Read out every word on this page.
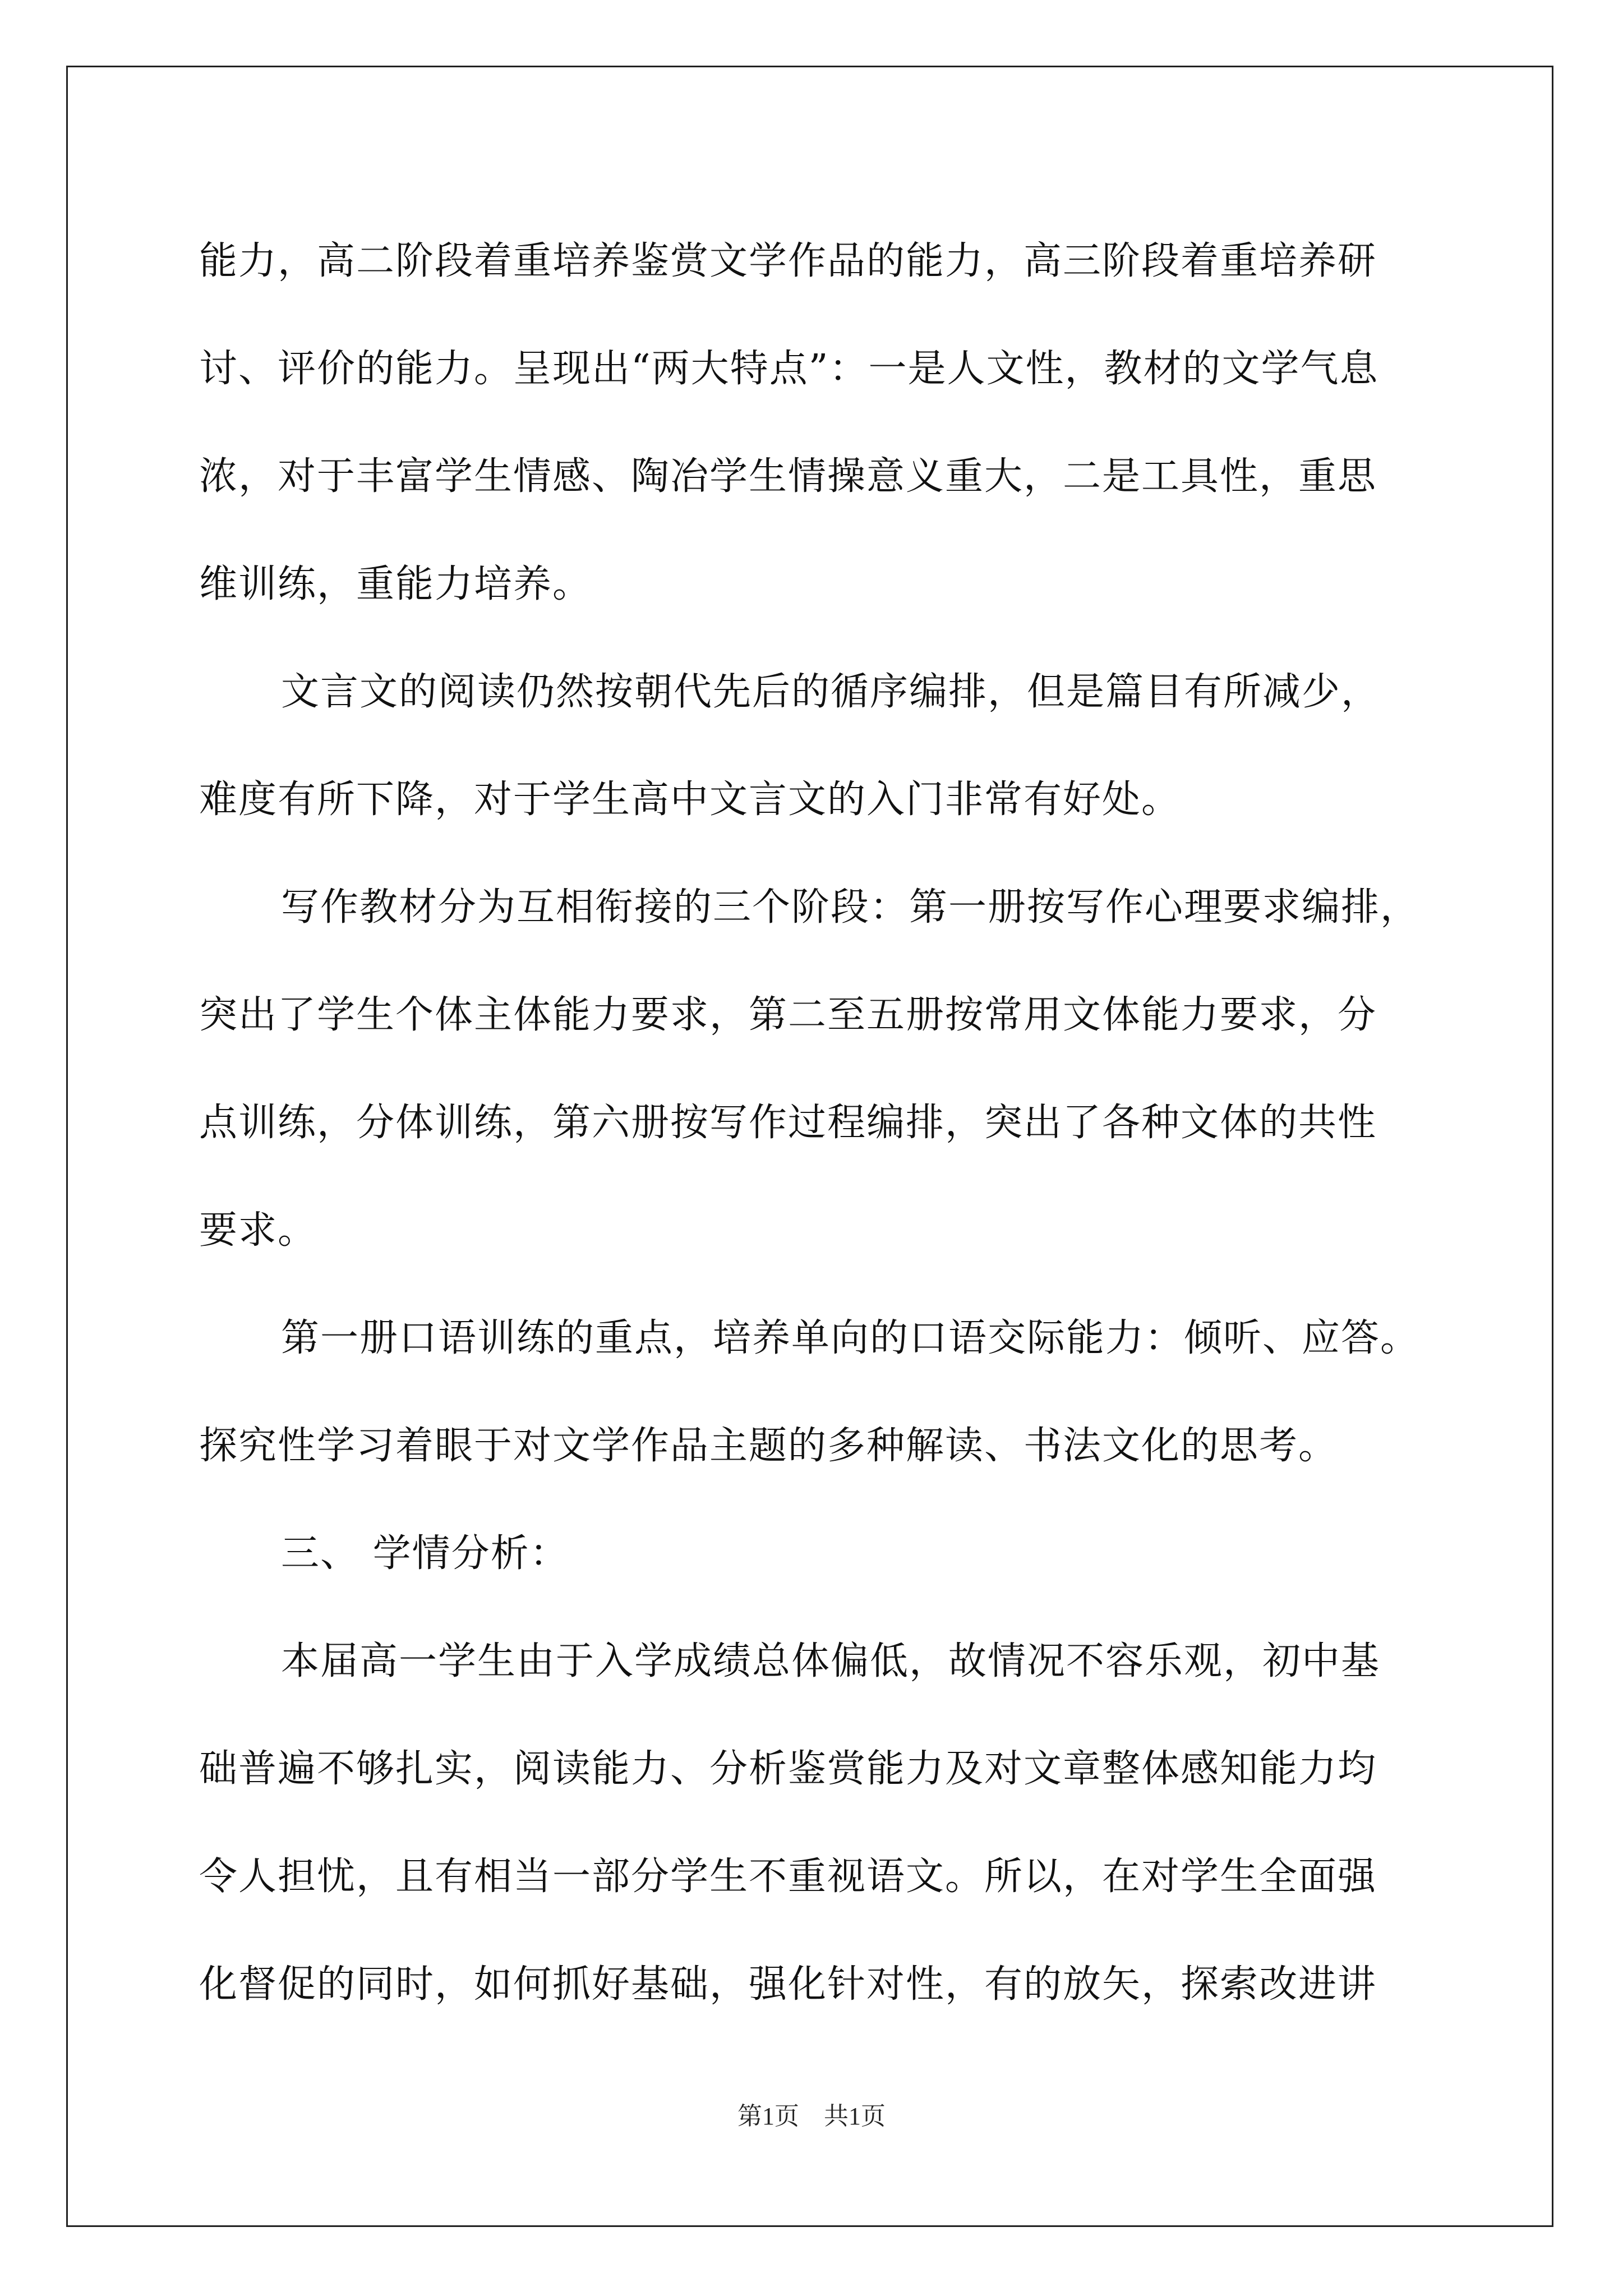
能力，高二阶段着重培养鉴赏文学作品的能力，高三阶段着重培养研
讨、评价的能力。呈现出“两大特点”：一是人文性，教材的文学气息
浓，对于丰富学生情感、陶冶学生情操意义重大，二是工具性，重思
维训练，重能力培养。
文言文的阅读仍然按朝代先后的循序编排，但是篇目有所减少，
难度有所下降，对于学生高中文言文的入门非常有好处。
写作教材分为互相衔接的三个阶段：第一册按写作心理要求编排，
突出了学生个体主体能力要求，第二至五册按常用文体能力要求，分
点训练，分体训练，第六册按写作过程编排，突出了各种文体的共性
要求。
第一册口语训练的重点，培养单向的口语交际能力：倾听、应答。
探究性学习着眼于对文学作品主题的多种解读、书法文化的思考。
三、 学情分析：
本届高一学生由于入学成绩总体偏低，故情况不容乐观，初中基
础普遍不够扎实，阅读能力、分析鉴赏能力及对文章整体感知能力均
令人担忧，且有相当一部分学生不重视语文。所以，在对学生全面强
化督促的同时，如何抓好基础，强化针对性，有的放矢，探索改进讲
第1页　共1页
